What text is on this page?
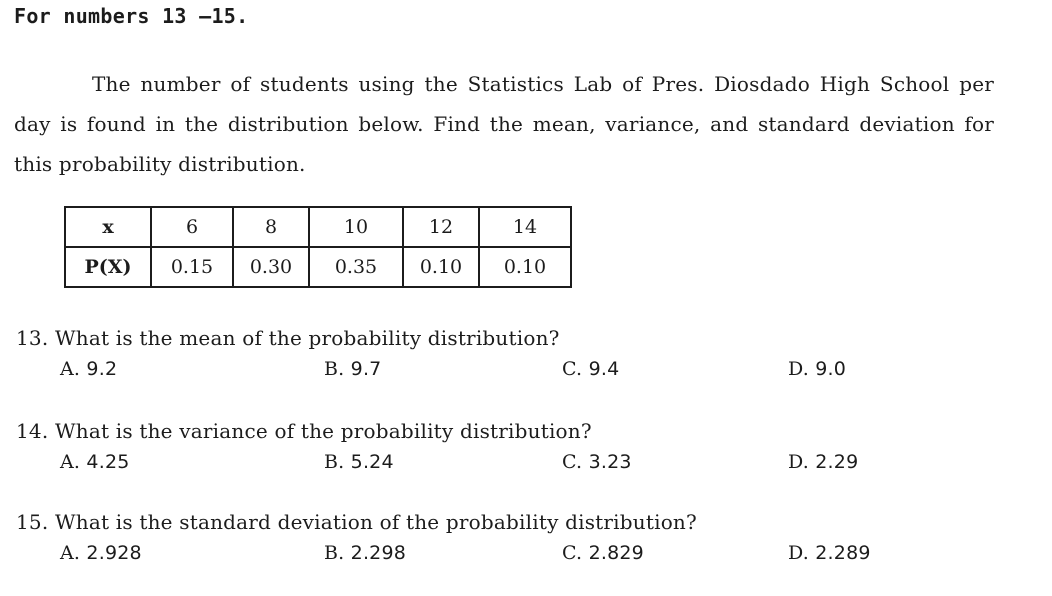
For numbers 13 –15.

The number of students using the Statistics Lab of Pres. Diosdado High School per day is found in the distribution below. Find the mean, variance, and standard deviation for this probability distribution.

x	6	8	10	12	14
P(X)	0.15	0.30	0.35	0.10	0.10
13. What is the mean of the probability distribution?
A. 9.2	B. 9.7	C. 9.4	D. 9.0
14. What is the variance of the probability distribution?
A. 4.25	B. 5.24	C. 3.23	D. 2.29
15. What is the standard deviation of the probability distribution?
A. 2.928	B. 2.298	C. 2.829	D. 2.289
